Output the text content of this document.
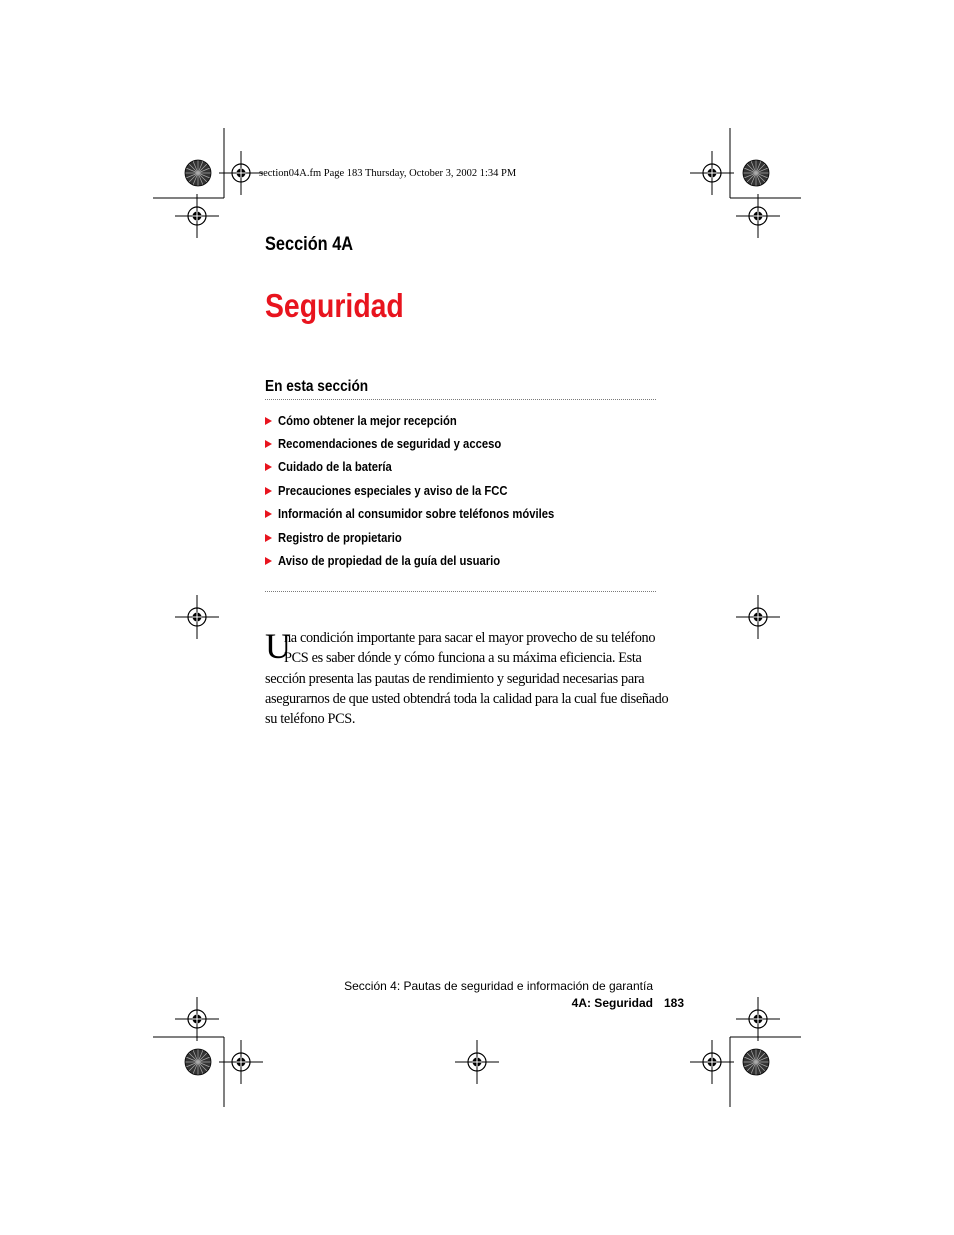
section04A.fm Page 183 Thursday, October 3, 2002 1:34 PM
Sección 4A
Seguridad
En esta sección
Cómo obtener la mejor recepción
Recomendaciones de seguridad y acceso
Cuidado de la batería
Precauciones especiales y aviso de la FCC
Información al consumidor sobre teléfonos móviles
Registro de propietario
Aviso de propiedad de la guía del usuario
U
na condición importante para sacar el mayor provecho de su teléfono
PCS es saber dónde y cómo funciona a su máxima eficiencia. Esta
sección presenta las pautas de rendimiento y seguridad necesarias para
asegurarnos de que usted obtendrá toda la calidad para la cual fue diseñado
su teléfono PCS.
Sección 4: Pautas de seguridad e información de garantía
4A: Seguridad 183
